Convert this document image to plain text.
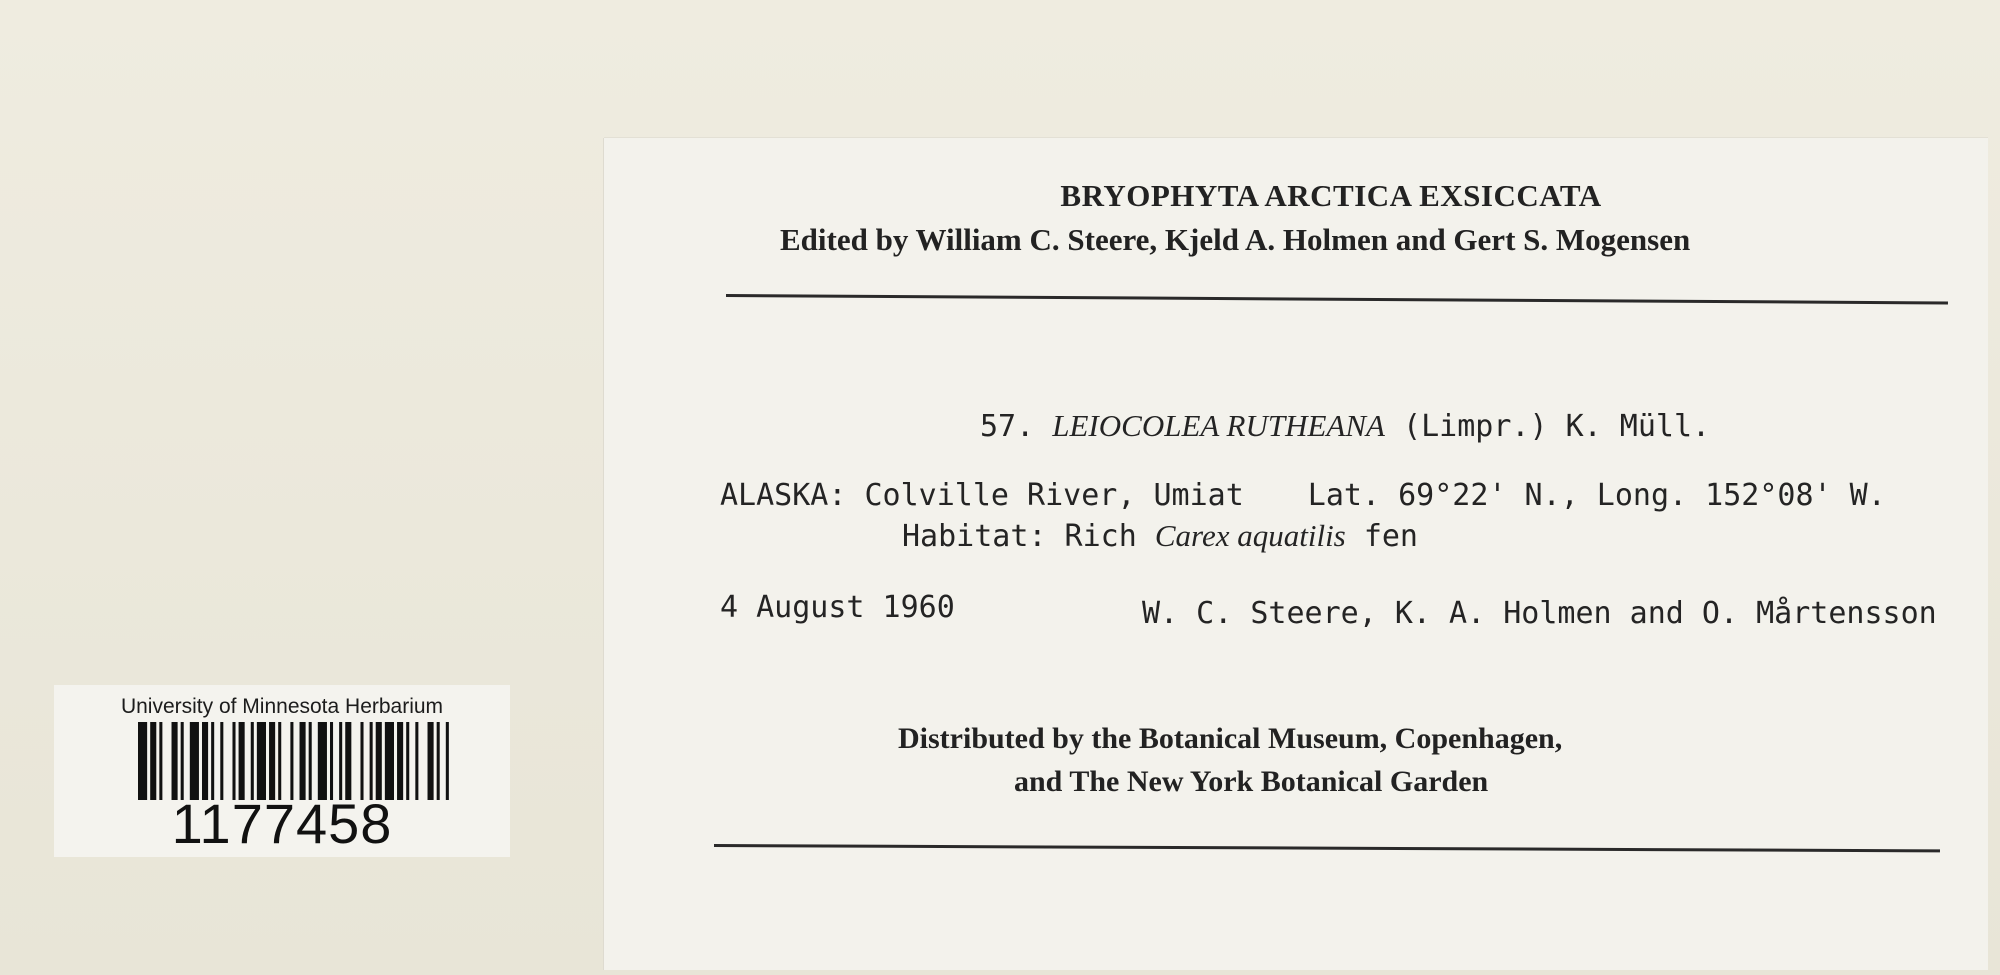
University of Minnesota Herbarium
1177458
BRYOPHYTA ARCTICA EXSICCATA
Edited by William C. Steere, Kjeld A. Holmen and Gert S. Mogensen
57. LEIOCOLEA RUTHEANA (Limpr.) K. Müll.
ALASKA: Colville River, Umiat Lat. 69°22' N., Long. 152°08' W.
Habitat: Rich Carex aquatilis fen
4 August 1960	W. C. Steere, K. A. Holmen and O. Mårtensson
Distributed by the Botanical Museum, Copenhagen,
and The New York Botanical Garden
